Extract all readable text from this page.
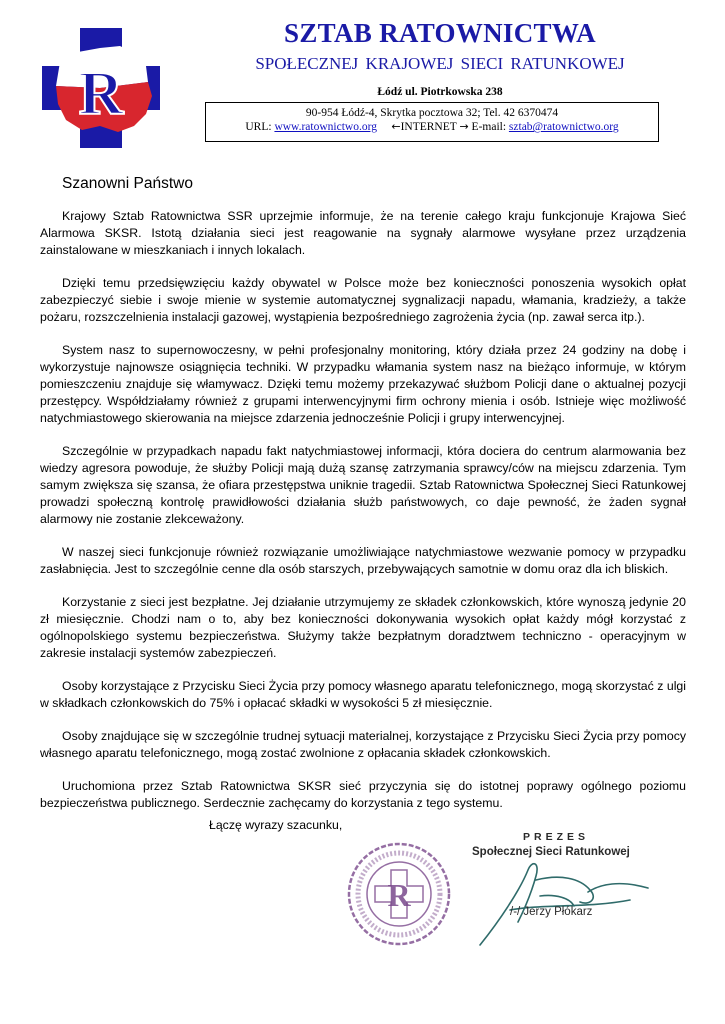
R
SZTAB RATOWNICTWA
SPOŁECZNEJ KRAJOWEJ SIECI RATUNKOWEJ
Łódź ul. Piotrkowska 238
90-954 Łódź-4, Skrytka pocztowa 32; Tel. 42 6370474
URL: www.ratownictwo.org ←INTERNET → E-mail: sztab@ratownictwo.org
Szanowni Państwo

Krajowy Sztab Ratownictwa SSR uprzejmie informuje, że na terenie całego kraju funkcjonuje Krajowa Sieć Alarmowa SKSR. Istotą działania sieci jest reagowanie na sygnały alarmowe wysyłane przez urządzenia zainstalowane w mieszkaniach i innych lokalach.

Dzięki temu przedsięwzięciu każdy obywatel w Polsce może bez konieczności ponoszenia wysokich opłat zabezpieczyć siebie i swoje mienie w systemie automatycznej sygnalizacji napadu, włamania, kradzieży, a także pożaru, rozszczelnienia instalacji gazowej, wystąpienia bezpośredniego zagrożenia życia (np. zawał serca itp.).

System nasz to supernowoczesny, w pełni profesjonalny monitoring, który działa przez 24 godziny na dobę i wykorzystuje najnowsze osiągnięcia techniki. W przypadku włamania system nasz na bieżąco informuje, w którym pomieszczeniu znajduje się włamywacz. Dzięki temu możemy przekazywać służbom Policji dane o aktualnej pozycji przestępcy. Współdziałamy również z grupami interwencyjnymi firm ochrony mienia i osób. Istnieje więc możliwość natychmiastowego skierowania na miejsce zdarzenia jednocześnie Policji i grupy interwencyjnej.

Szczególnie w przypadkach napadu fakt natychmiastowej informacji, która dociera do centrum alarmowania bez wiedzy agresora powoduje, że służby Policji mają dużą szansę zatrzymania sprawcy/ców na miejscu zdarzenia. Tym samym zwiększa się szansa, że ofiara przestępstwa uniknie tragedii. Sztab Ratownictwa Społecznej Sieci Ratunkowej prowadzi społeczną kontrolę prawidłowości działania służb państwowych, co daje pewność, że żaden sygnał alarmowy nie zostanie zlekceważony.

W naszej sieci funkcjonuje również rozwiązanie umożliwiające natychmiastowe wezwanie pomocy w przypadku zasłabnięcia. Jest to szczególnie cenne dla osób starszych, przebywających samotnie w domu oraz dla ich bliskich.

Korzystanie z sieci jest bezpłatne. Jej działanie utrzymujemy ze składek członkowskich, które wynoszą jedynie 20 zł miesięcznie. Chodzi nam o to, aby bez konieczności dokonywania wysokich opłat każdy mógł korzystać z ogólnopolskiego systemu bezpieczeństwa. Służymy także bezpłatnym doradztwem techniczno - operacyjnym w zakresie instalacji systemów zabezpieczeń.

Osoby korzystające z Przycisku Sieci Życia przy pomocy własnego aparatu telefonicznego, mogą skorzystać z ulgi w składkach członkowskich do 75% i opłacać składki w wysokości 5 zł miesięcznie.

Osoby znajdujące się w szczególnie trudnej sytuacji materialnej, korzystające z Przycisku Sieci Życia przy pomocy własnego aparatu telefonicznego, mogą zostać zwolnione z opłacania składek członkowskich.

Uruchomiona przez Sztab Ratownictwa SKSR sieć przyczynia się do istotnej poprawy ogólnego poziomu bezpieczeństwa publicznego. Serdecznie zachęcamy do korzystania z tego systemu.

Łączę wyrazy szacunku,
R
PREZES
Społecznej Sieci Ratunkowej
/-/ Jerzy Płókarz
